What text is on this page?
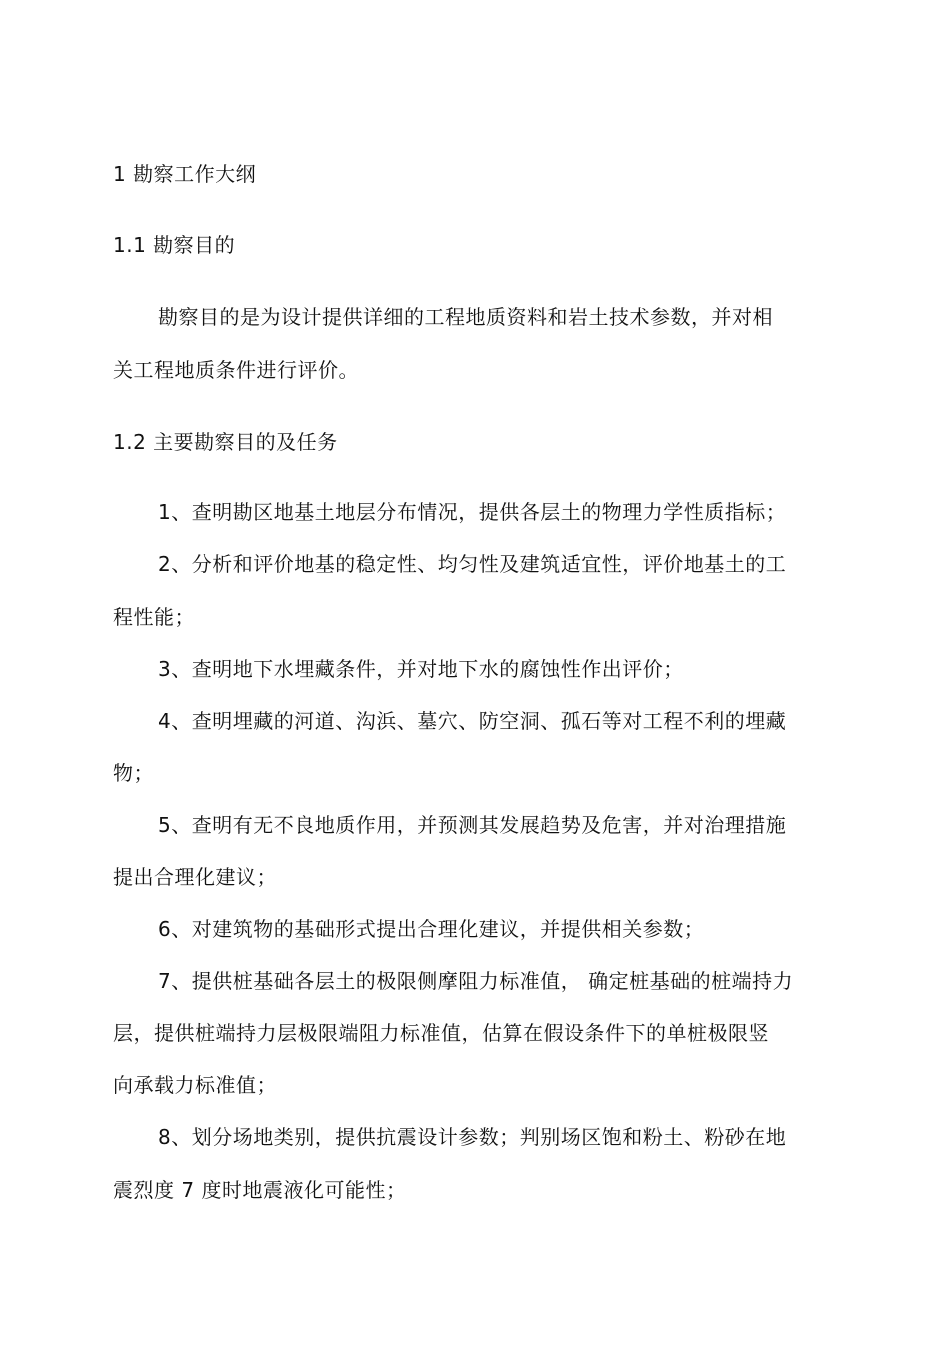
1 勘察工作大纲
1.1 勘察目的
勘察目的是为设计提供详细的工程地质资料和岩土技术参数，并对相
关工程地质条件进行评价。
1.2 主要勘察目的及任务
1、查明勘区地基土地层分布情况，提供各层土的物理力学性质指标；
2、分析和评价地基的稳定性、均匀性及建筑适宜性，评价地基土的工
程性能；
3、查明地下水埋藏条件，并对地下水的腐蚀性作出评价；
4、查明埋藏的河道、沟浜、墓穴、防空洞、孤石等对工程不利的埋藏
物；
5、查明有无不良地质作用，并预测其发展趋势及危害，并对治理措施
提出合理化建议；
6、对建筑物的基础形式提出合理化建议，并提供相关参数；
7、提供桩基础各层土的极限侧摩阻力标准值， 确定桩基础的桩端持力
层，提供桩端持力层极限端阻力标准值，估算在假设条件下的单桩极限竖
向承载力标准值；
8、划分场地类别，提供抗震设计参数；判别场区饱和粉土、粉砂在地
震烈度 7 度时地震液化可能性；
